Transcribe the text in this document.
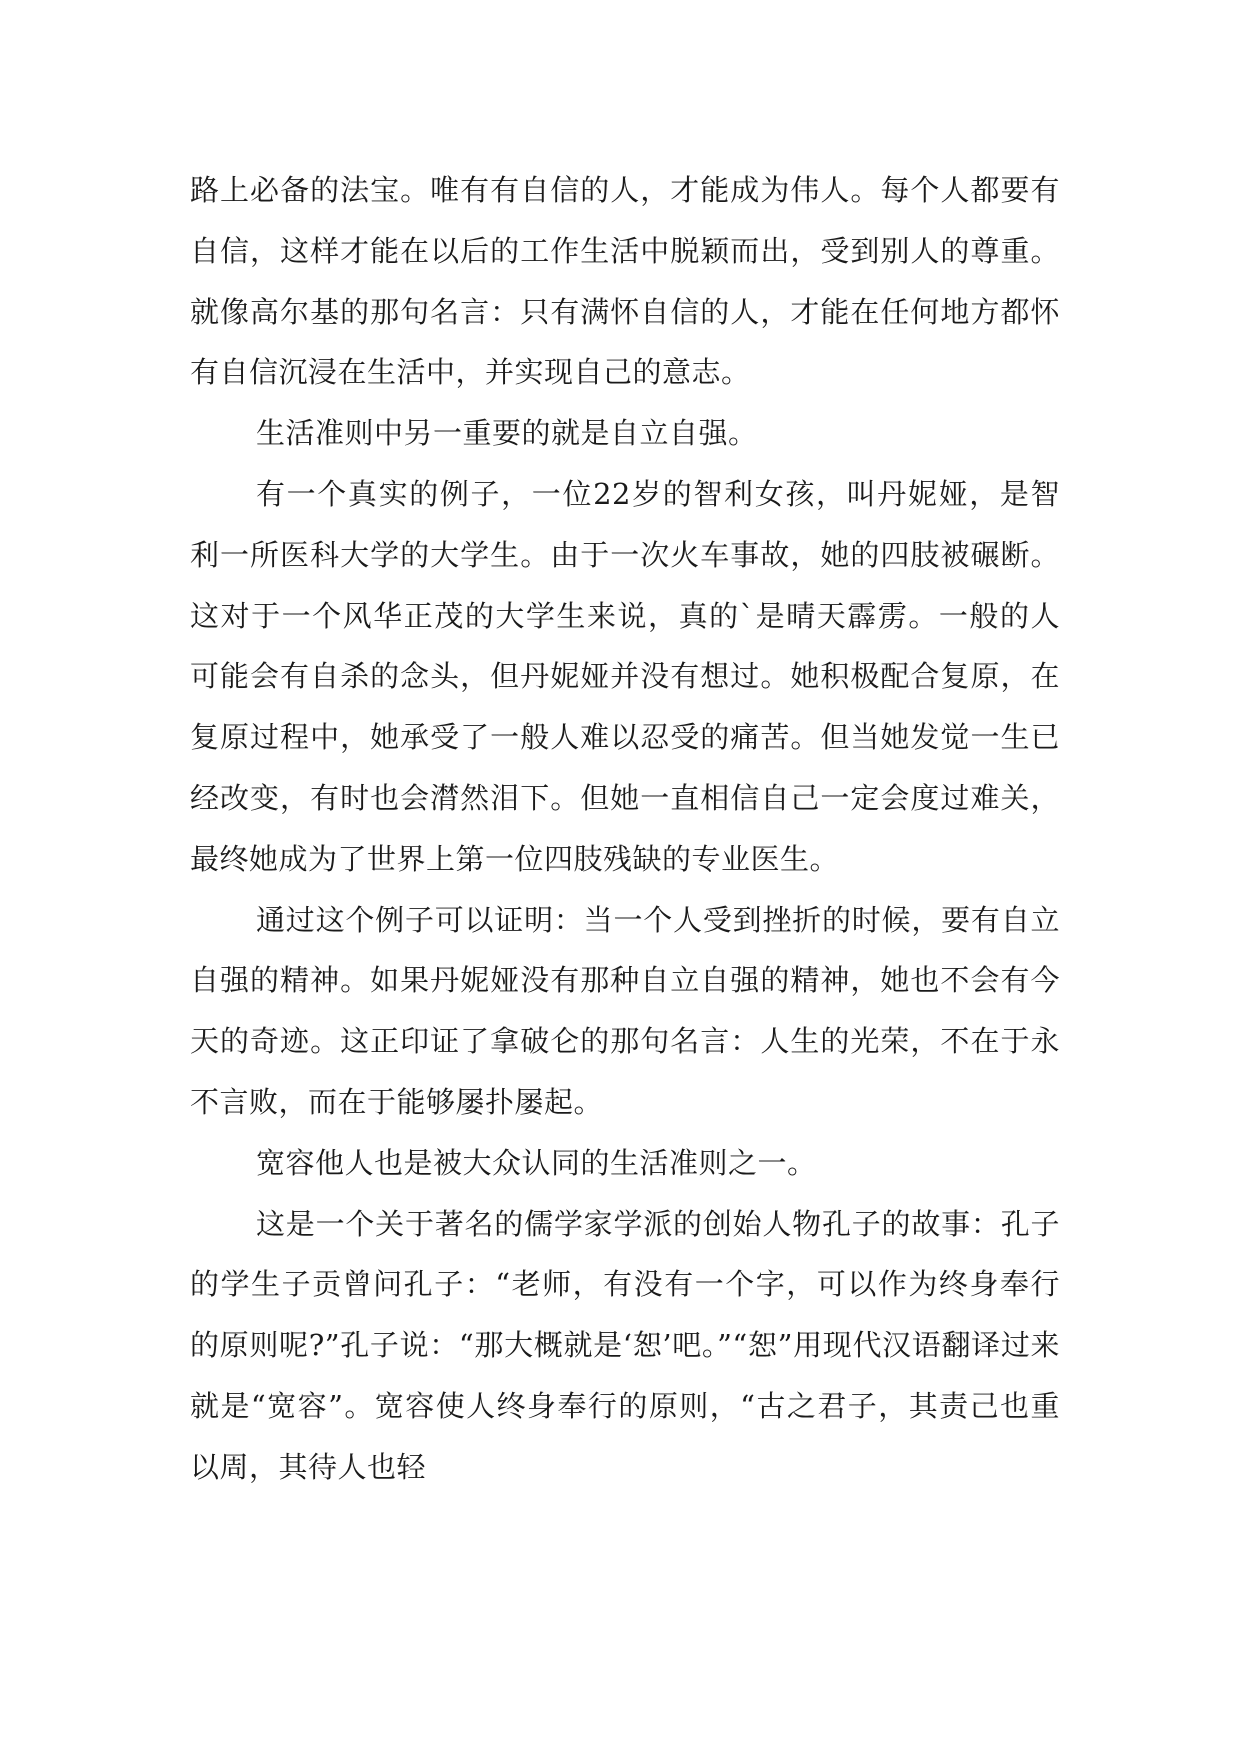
路上必备的法宝。唯有有自信的人，才能成为伟人。每个人都要有自信，这样才能在以后的工作生活中脱颖而出，受到别人的尊重。就像高尔基的那句名言：只有满怀自信的人，才能在任何地方都怀有自信沉浸在生活中，并实现自己的意志。

生活准则中另一重要的就是自立自强。

有一个真实的例子，一位22岁的智利女孩，叫丹妮娅，是智利一所医科大学的大学生。由于一次火车事故，她的四肢被碾断。这对于一个风华正茂的大学生来说，真的`是晴天霹雳。一般的人可能会有自杀的念头，但丹妮娅并没有想过。她积极配合复原，在复原过程中，她承受了一般人难以忍受的痛苦。但当她发觉一生已经改变，有时也会潸然泪下。但她一直相信自己一定会度过难关，最终她成为了世界上第一位四肢残缺的专业医生。

通过这个例子可以证明：当一个人受到挫折的时候，要有自立自强的精神。如果丹妮娅没有那种自立自强的精神，她也不会有今天的奇迹。这正印证了拿破仑的那句名言：人生的光荣，不在于永不言败，而在于能够屡扑屡起。

宽容他人也是被大众认同的生活准则之一。

这是一个关于著名的儒学家学派的创始人物孔子的故事：孔子的学生子贡曾问孔子：“老师，有没有一个字，可以作为终身奉行的原则呢?”孔子说：“那大概就是‘恕’吧。”“恕”用现代汉语翻译过来就是“宽容”。宽容使人终身奉行的原则，“古之君子，其责己也重以周，其待人也轻
